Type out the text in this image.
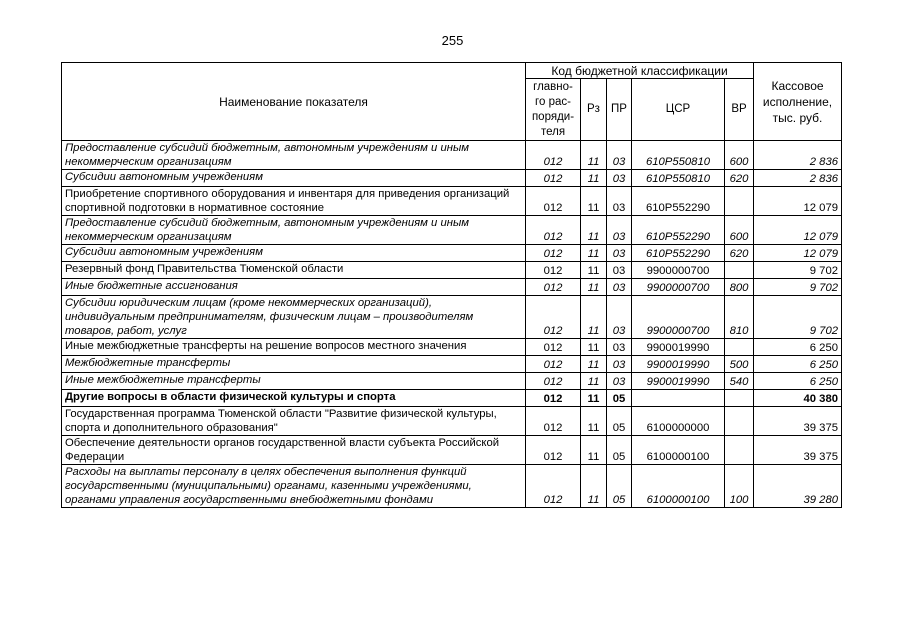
255
Наименование показателя	Код бюджетной классификации					Кассовое исполнение, тыс. руб.
	главно-го рас-поряди-теля	Рз	ПР	ЦСР	ВР	
Предоставление субсидий бюджетным, автономным учреждениям и иным некоммерческим организациям	012	11	03	610P550810	600	2 836
Субсидии автономным учреждениям	012	11	03	610P550810	620	2 836
Приобретение спортивного оборудования и инвентаря для приведения организаций спортивной подготовки в нормативное состояние	012	11	03	610P552290		12 079
Предоставление субсидий бюджетным, автономным учреждениям и иным некоммерческим организациям	012	11	03	610P552290	600	12 079
Субсидии автономным учреждениям	012	11	03	610P552290	620	12 079
Резервный фонд Правительства Тюменской области	012	11	03	9900000700		9 702
Иные бюджетные ассигнования	012	11	03	9900000700	800	9 702
Субсидии юридическим лицам (кроме некоммерческих организаций), индивидуальным предпринимателям, физическим лицам – производителям товаров, работ, услуг	012	11	03	9900000700	810	9 702
Иные межбюджетные трансферты на решение вопросов местного значения	012	11	03	9900019990		6 250
Межбюджетные трансферты	012	11	03	9900019990	500	6 250
Иные межбюджетные трансферты	012	11	03	9900019990	540	6 250
Другие вопросы в области физической культуры и спорта	012	11	05			40 380
Государственная программа Тюменской области "Развитие физической культуры, спорта и дополнительного образования"	012	11	05	6100000000		39 375
Обеспечение деятельности органов государственной власти субъекта Российской Федерации	012	11	05	6100000100		39 375
Расходы на выплаты персоналу в целях обеспечения выполнения функций государственными (муниципальными) органами, казенными учреждениями, органами управления государственными внебюджетными фондами	012	11	05	6100000100	100	39 280
